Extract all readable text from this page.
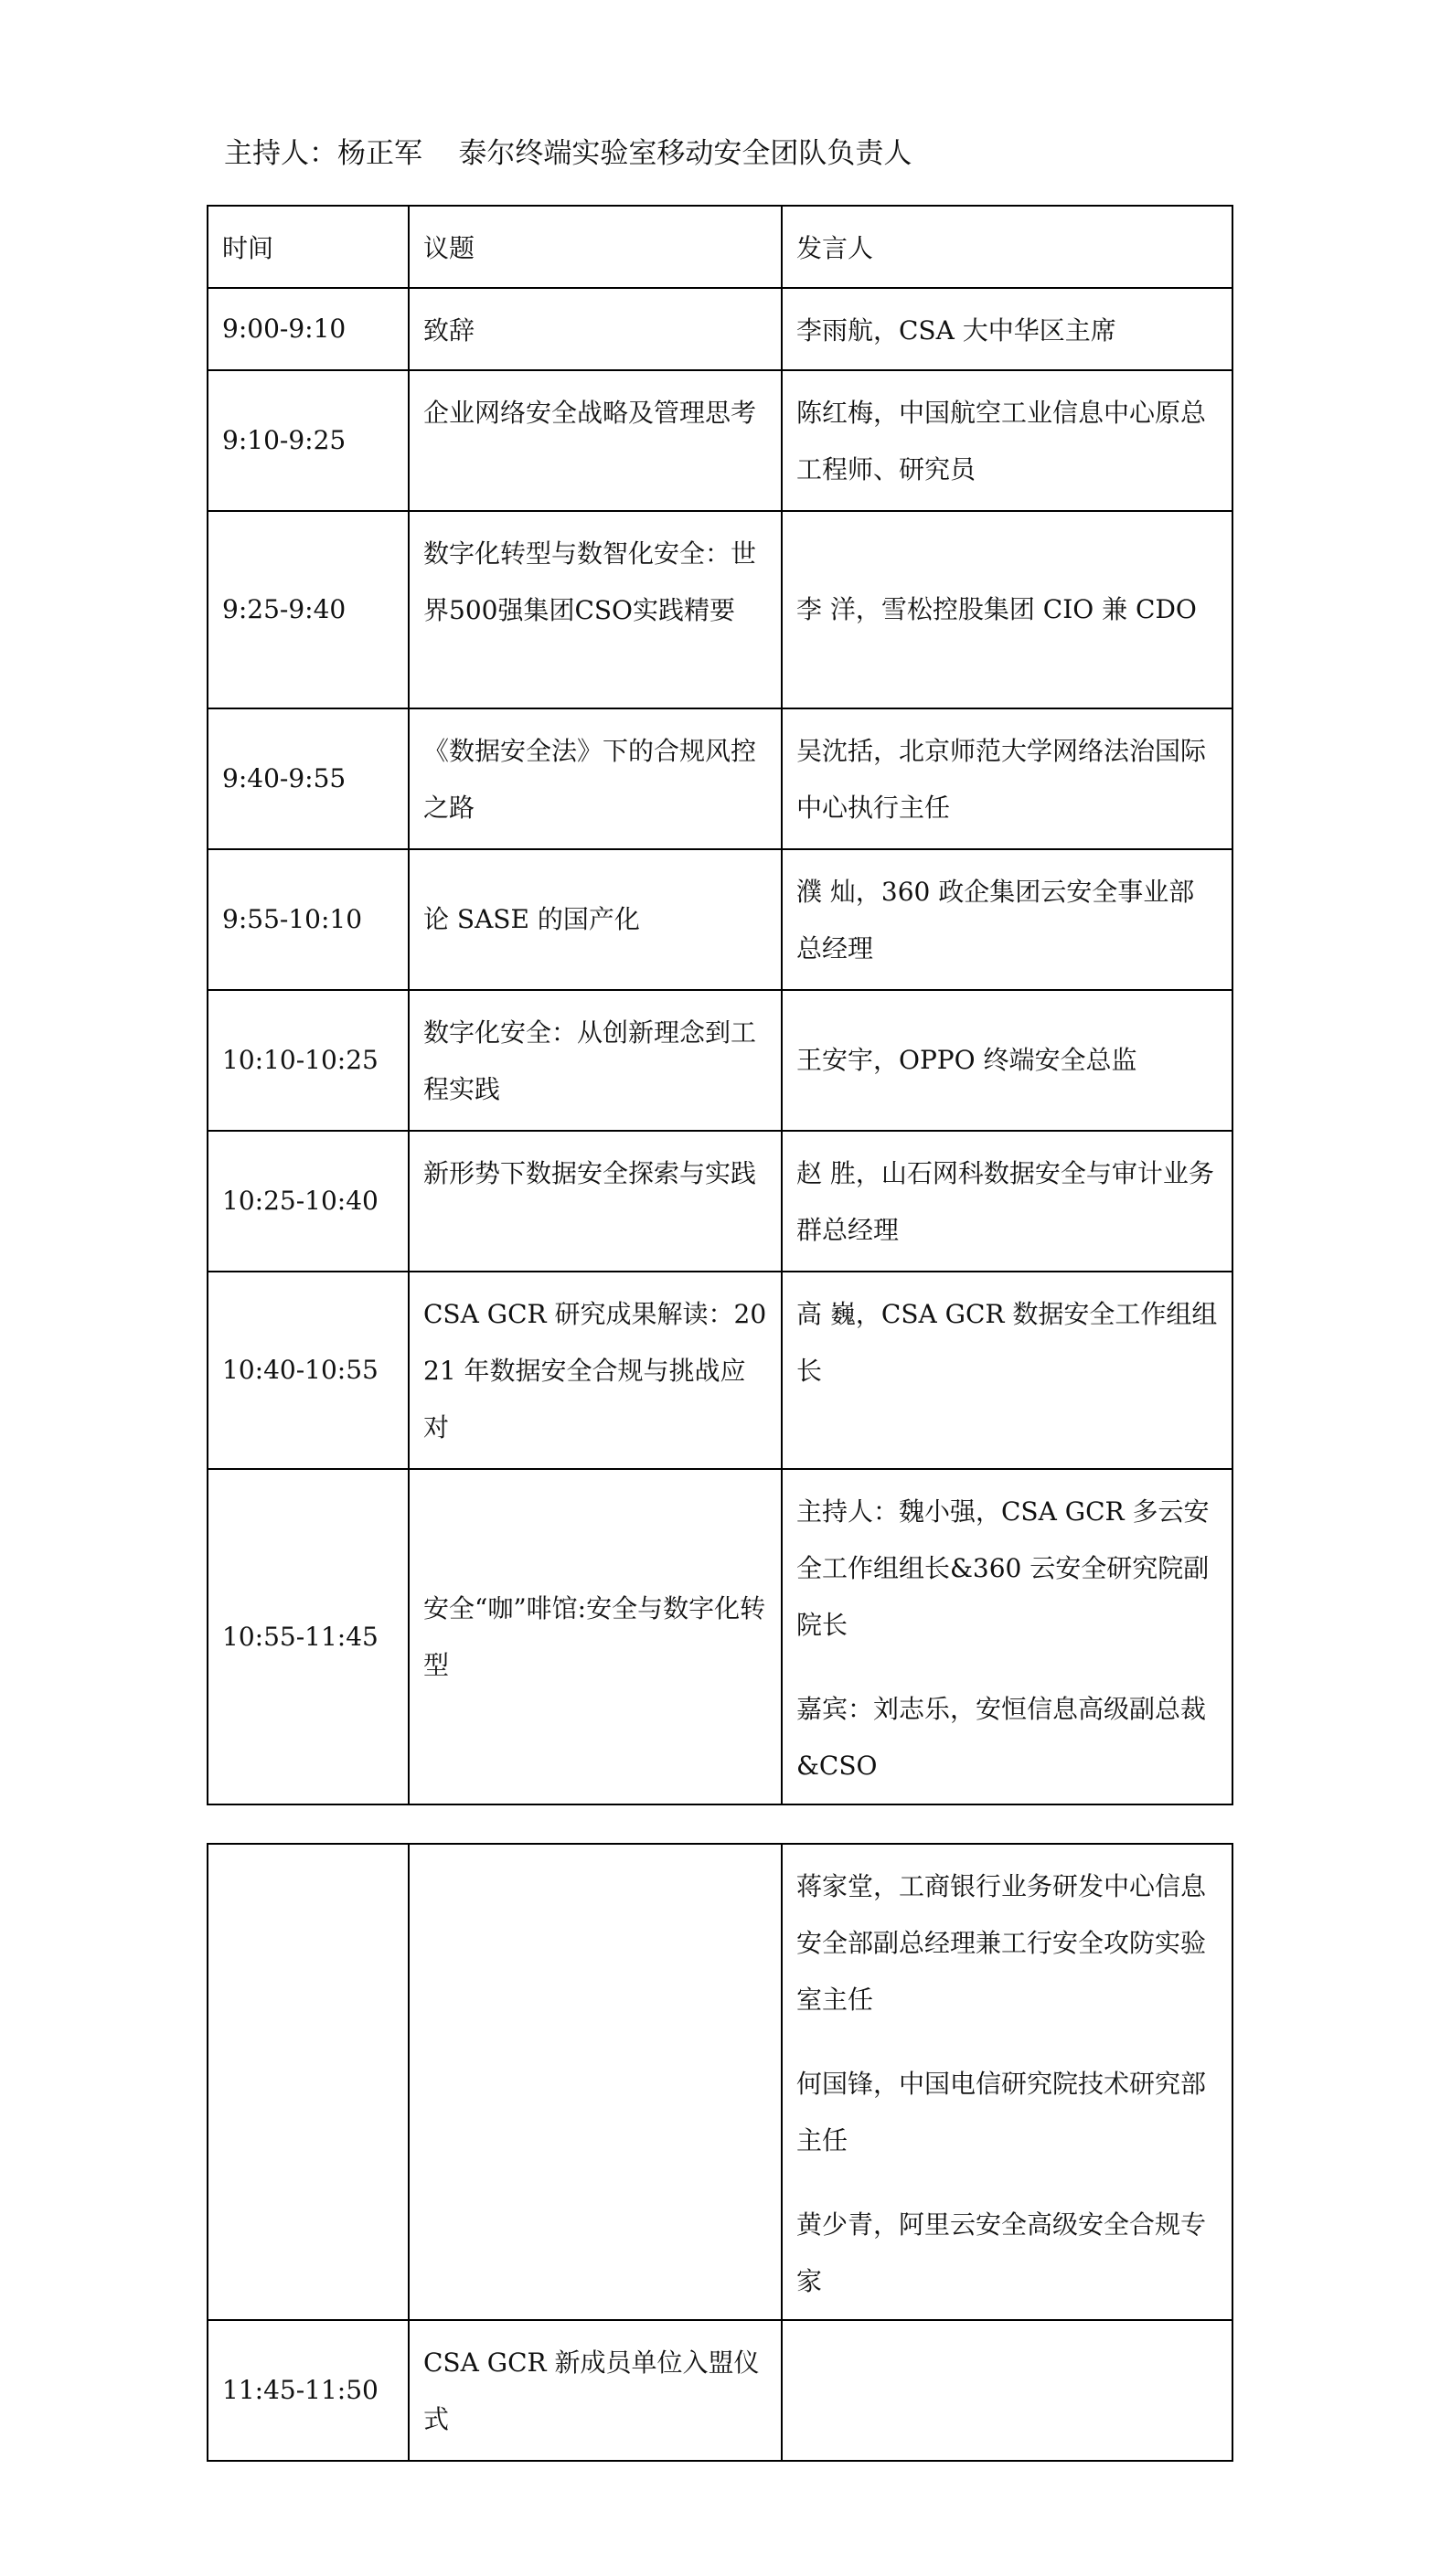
主持人：杨正军    泰尔终端实验室移动安全团队负责人
时间	议题	发言人
9:00-9:10	致辞	李雨航，CSA 大中华区主席

9:10-9:25	企业网络安全战略及管理思考	陈红梅，中国航空工业信息中心原总工程师、研究员

9:25-9:40	数字化转型与数智化安全：世界500强集团CSO实践精要	李 洋，雪松控股集团 CIO 兼 CDO

9:40-9:55	《数据安全法》下的合规风控之路	吴沈括，北京师范大学网络法治国际中心执行主任

9:55-10:10	论 SASE 的国产化	濮 灿，360 政企集团云安全事业部总经理

10:10-10:25	数字化安全：从创新理念到工程实践	王安宇，OPPO 终端安全总监

10:25-10:40	新形势下数据安全探索与实践	赵 胜，山石网科数据安全与审计业务群总经理

10:40-10:55	CSA GCR 研究成果解读：2021 年数据安全合规与挑战应对	高 巍，CSA GCR 数据安全工作组组长

10:55-11:45	安全“咖”啡馆:安全与数字化转型	主持人：魏小强，CSA GCR 多云安全工作组组长&360 云安全研究院副院长

嘉宾：刘志乐，安恒信息高级副总裁&CSO

		蒋家堂，工商银行业务研发中心信息安全部副总经理兼工行安全攻防实验室主任

何国锋，中国电信研究院技术研究部主任

黄少青，阿里云安全高级安全合规专家

11:45-11:50	CSA GCR 新成员单位入盟仪式	
